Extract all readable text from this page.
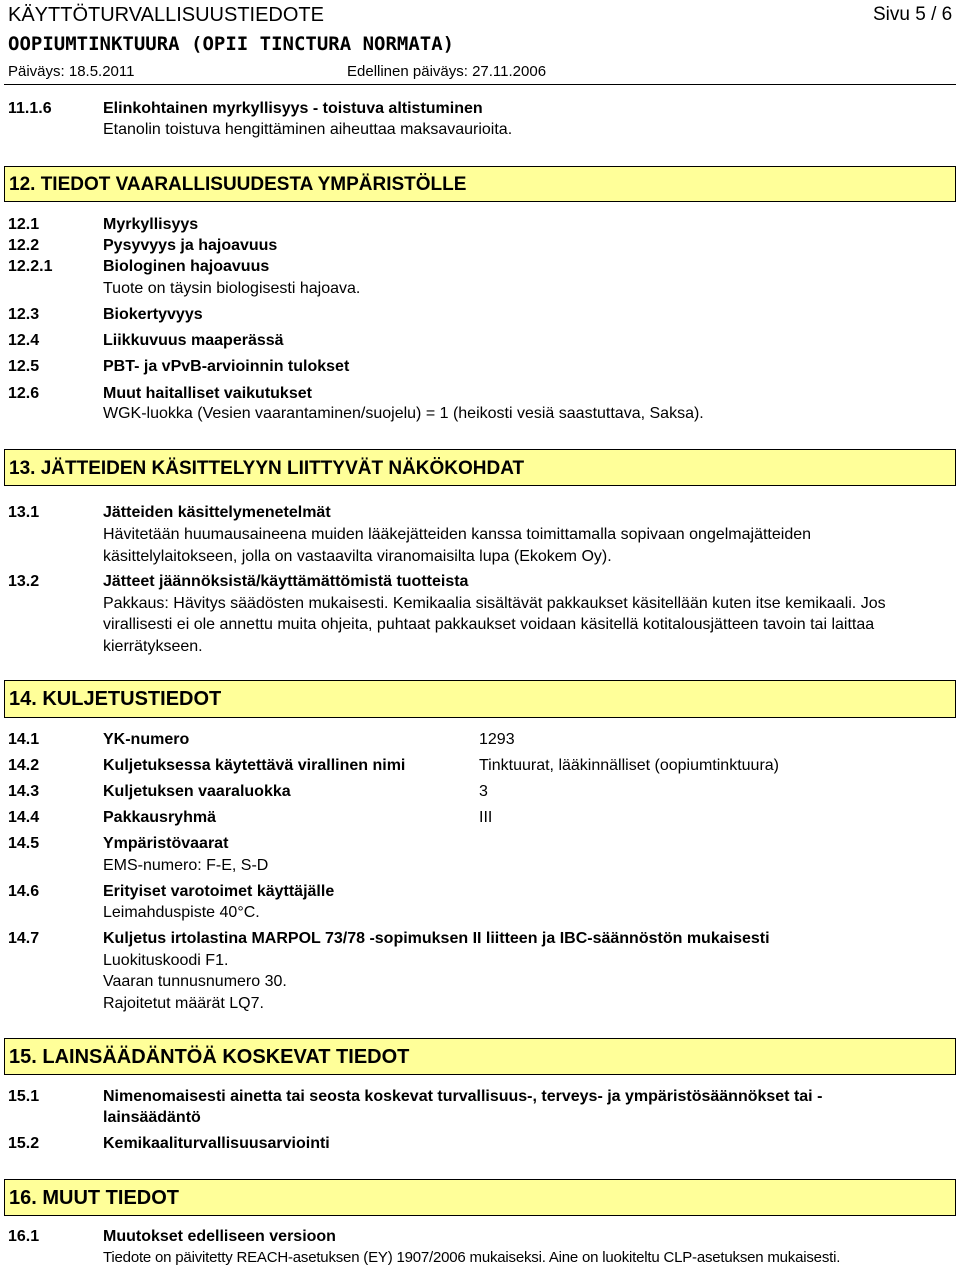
KÄYTTÖTURVALLISUUSTIEDOTE	Sivu 5 / 6
OOPIUMTINKTUURA (OPII TINCTURA NORMATA)
Päiväys: 18.5.2011	Edellinen päiväys: 27.11.2006
11.1.6	Elinkohtainen myrkyllisyys - toistuva altistuminen
Etanolin toistuva hengittäminen aiheuttaa maksavaurioita.
12. TIEDOT VAARALLISUUDESTA YMPÄRISTÖLLE
12.1	Myrkyllisyys
12.2	Pysyvyys ja hajoavuus
12.2.1	Biologinen hajoavuus
Tuote on täysin biologisesti hajoava.
12.3	Biokertyvyys
12.4	Liikkuvuus maaperässä
12.5	PBT- ja vPvB-arvioinnin tulokset
12.6	Muut haitalliset vaikutukset
WGK-luokka (Vesien vaarantaminen/suojelu) = 1 (heikosti vesiä saastuttava, Saksa).
13. JÄTTEIDEN KÄSITTELYYN LIITTYVÄT NÄKÖKOHDAT
13.1	Jätteiden käsittelymenetelmät
Hävitetään huumausaineena muiden lääkejätteiden kanssa toimittamalla sopivaan ongelmajätteiden
käsittelylaitokseen, jolla on vastaavilta viranomaisilta lupa (Ekokem Oy).
13.2	Jätteet jäännöksistä/käyttämättömistä tuotteista
Pakkaus: Hävitys säädösten mukaisesti. Kemikaalia sisältävät pakkaukset käsitellään kuten itse kemikaali. Jos
virallisesti ei ole annettu muita ohjeita, puhtaat pakkaukset voidaan käsitellä kotitalousjätteen tavoin tai laittaa
kierrätykseen.
14. KULJETUSTIEDOT
14.1	YK-numero	1293
14.2	Kuljetuksessa käytettävä virallinen nimi	Tinktuurat, lääkinnälliset (oopiumtinktuura)
14.3	Kuljetuksen vaaraluokka	3
14.4	Pakkausryhmä	III
14.5	Ympäristövaarat
EMS-numero: F-E, S-D
14.6	Erityiset varotoimet käyttäjälle
Leimahduspiste 40°C.
14.7	Kuljetus irtolastina MARPOL 73/78 -sopimuksen II liitteen ja IBC-säännöstön mukaisesti
Luokituskoodi F1.
Vaaran tunnusnumero 30.
Rajoitetut määrät LQ7.
15. LAINSÄÄDÄNTÖÄ KOSKEVAT TIEDOT
15.1	Nimenomaisesti ainetta tai seosta koskevat turvallisuus-, terveys- ja ympäristösäännökset tai -
lainsäädäntö
15.2	Kemikaaliturvallisuusarviointi
16. MUUT TIEDOT
16.1	Muutokset edelliseen versioon
Tiedote on päivitetty REACH-asetuksen (EY) 1907/2006 mukaiseksi. Aine on luokiteltu CLP-asetuksen mukaisesti.
